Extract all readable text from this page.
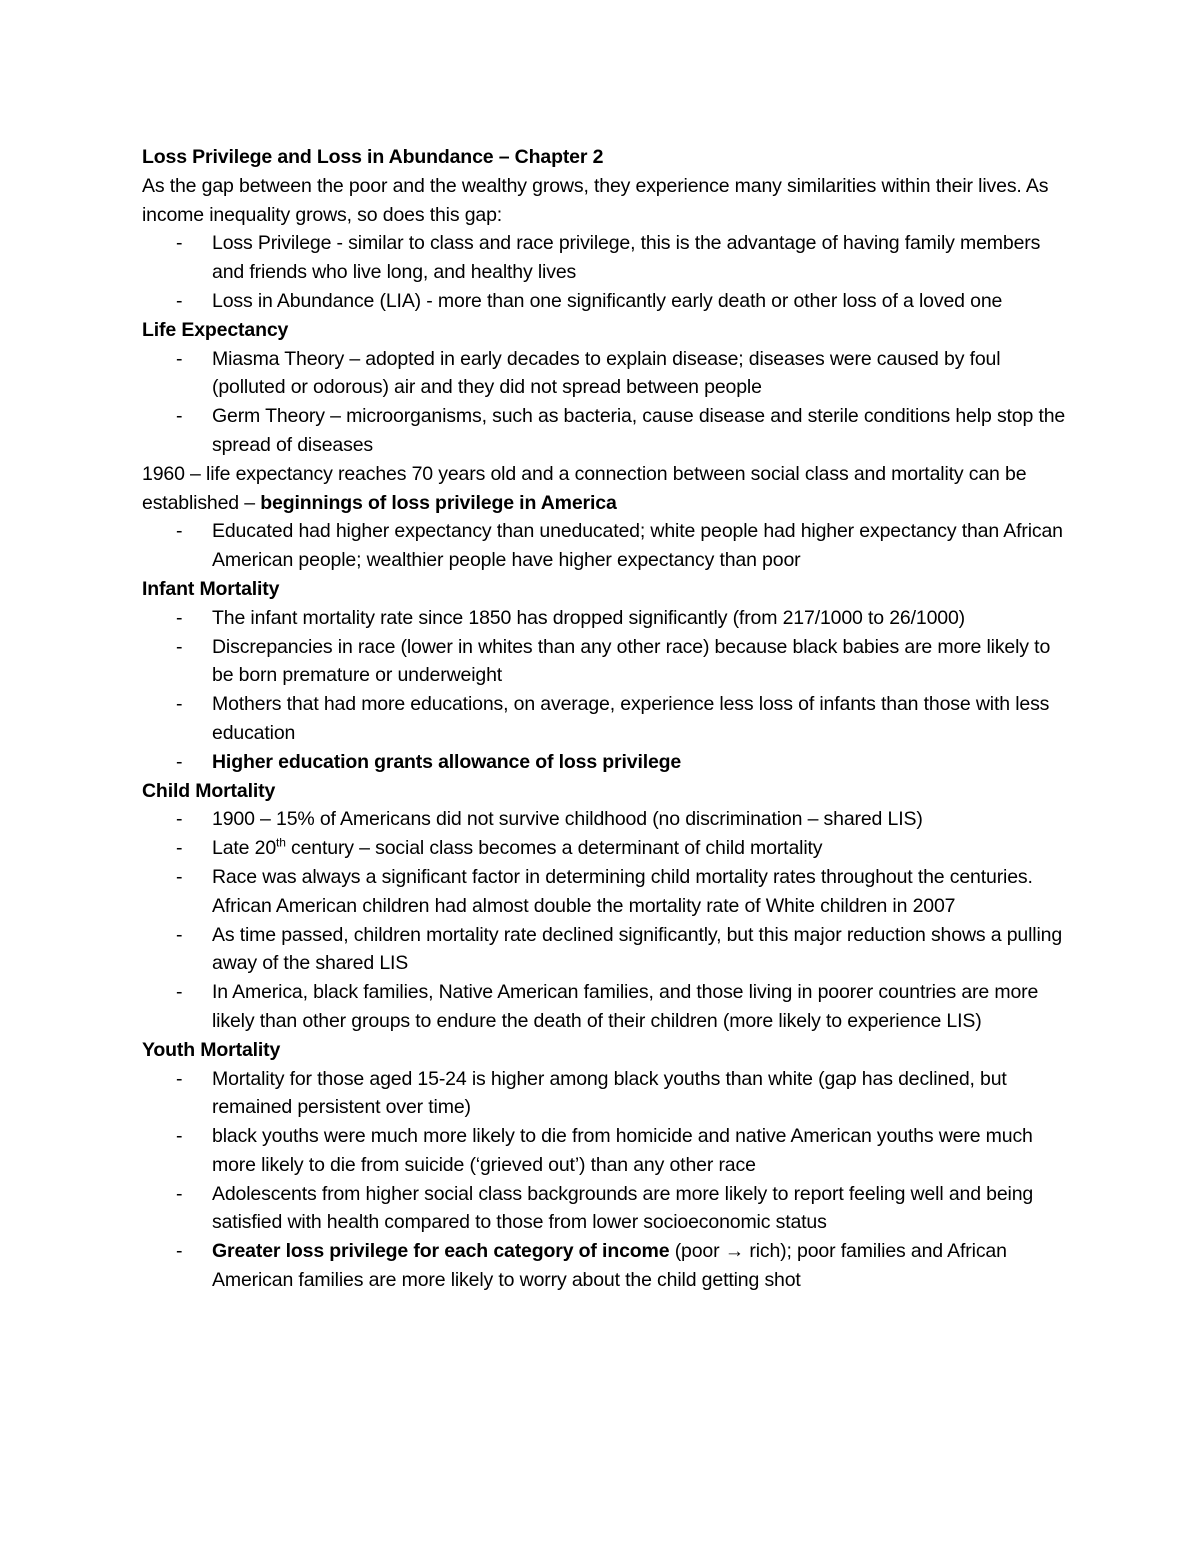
Loss Privilege and Loss in Abundance – Chapter 2

As the gap between the poor and the wealthy grows, they experience many similarities within their lives. As income inequality grows, so does this gap:

- Loss Privilege - similar to class and race privilege, this is the advantage of having family members and friends who live long, and healthy lives
- Loss in Abundance (LIA) - more than one significantly early death or other loss of a loved one
Life Expectancy
- Miasma Theory – adopted in early decades to explain disease; diseases were caused by foul (polluted or odorous) air and they did not spread between people
- Germ Theory – microorganisms, such as bacteria, cause disease and sterile conditions help stop the spread of diseases

1960 – life expectancy reaches 70 years old and a connection between social class and mortality can be established – beginnings of loss privilege in America

- Educated had higher expectancy than uneducated; white people had higher expectancy than African American people; wealthier people have higher expectancy than poor
Infant Mortality
- The infant mortality rate since 1850 has dropped significantly (from 217/1000 to 26/1000)
- Discrepancies in race (lower in whites than any other race) because black babies are more likely to be born premature or underweight
- Mothers that had more educations, on average, experience less loss of infants than those with less education
- Higher education grants allowance of loss privilege
Child Mortality
- 1900 – 15% of Americans did not survive childhood (no discrimination – shared LIS)
- Late 20th century – social class becomes a determinant of child mortality
- Race was always a significant factor in determining child mortality rates throughout the centuries. African American children had almost double the mortality rate of White children in 2007
- As time passed, children mortality rate declined significantly, but this major reduction shows a pulling away of the shared LIS
- In America, black families, Native American families, and those living in poorer countries are more likely than other groups to endure the death of their children (more likely to experience LIS)
Youth Mortality
- Mortality for those aged 15-24 is higher among black youths than white (gap has declined, but remained persistent over time)
- black youths were much more likely to die from homicide and native American youths were much more likely to die from suicide (‘grieved out’) than any other race
- Adolescents from higher social class backgrounds are more likely to report feeling well and being satisfied with health compared to those from lower socioeconomic status
- Greater loss privilege for each category of income (poor → rich); poor families and African American families are more likely to worry about the child getting shot
